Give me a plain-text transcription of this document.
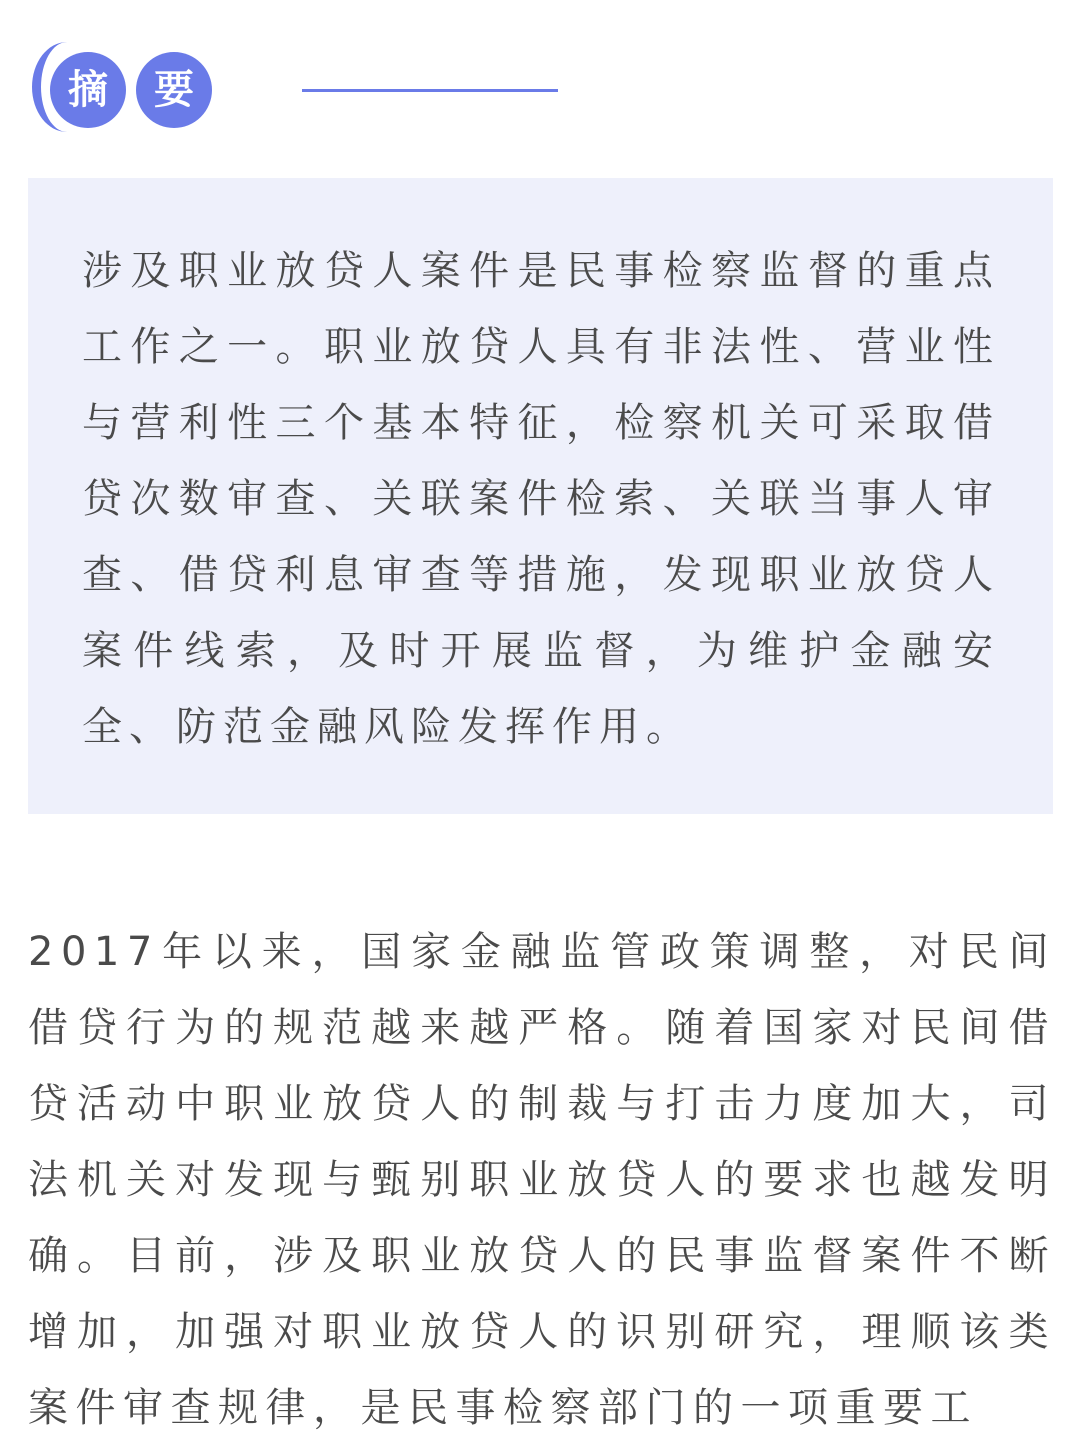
摘	要

涉及职业放贷人案件是民事检察监督的重点工作之一。职业放贷人具有非法性、营业性与营利性三个基本特征，检察机关可采取借贷次数审查、关联案件检索、关联当事人审查、借贷利息审查等措施，发现职业放贷人案件线索，及时开展监督，为维护金融安全、防范金融风险发挥作用。

2017年以来，国家金融监管政策调整，对民间借贷行为的规范越来越严格。随着国家对民间借贷活动中职业放贷人的制裁与打击力度加大，司法机关对发现与甄别职业放贷人的要求也越发明确。目前，涉及职业放贷人的民事监督案件不断增加，加强对职业放贷人的识别研究，理顺该类案件审查规律，是民事检察部门的一项重要工
